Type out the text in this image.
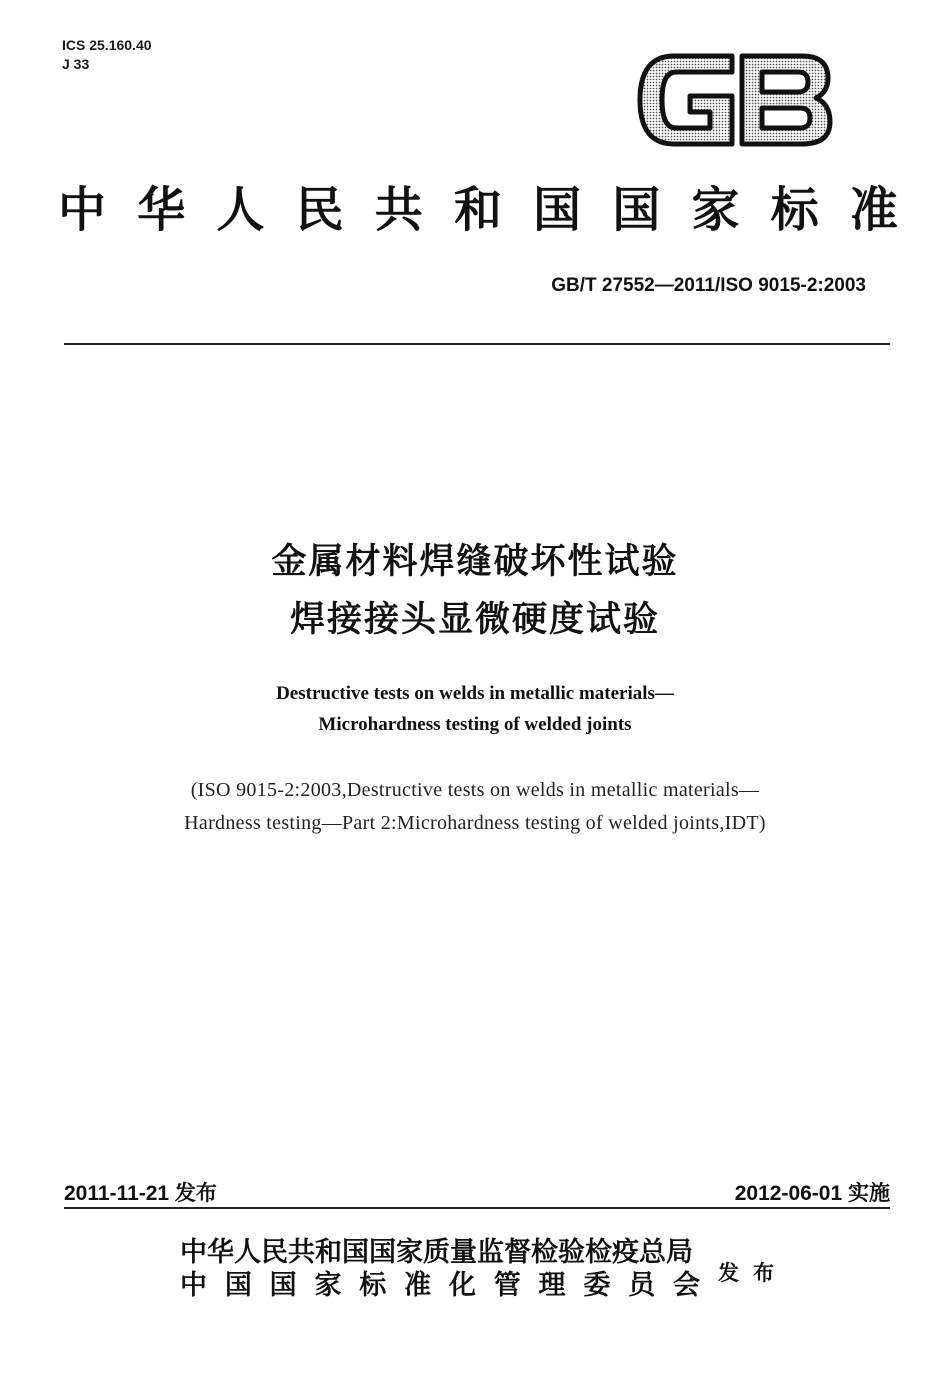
ICS 25.160.40
J 33
中 华 人 民 共 和 国 国 家 标 准
GB/T 27552—2011/ISO 9015-2:2003
金属材料焊缝破坏性试验
焊接接头显微硬度试验
Destructive tests on welds in metallic materials—
Microhardness testing of welded joints
(ISO 9015-2:2003,Destructive tests on welds in metallic materials—
Hardness testing—Part 2:Microhardness testing of welded joints,IDT)
2011-11-21 发布	2012-06-01 实施
中华人民共和国国家质量监督检验检疫总局
中 国 国 家 标 准 化 管 理 委 员 会 发布
